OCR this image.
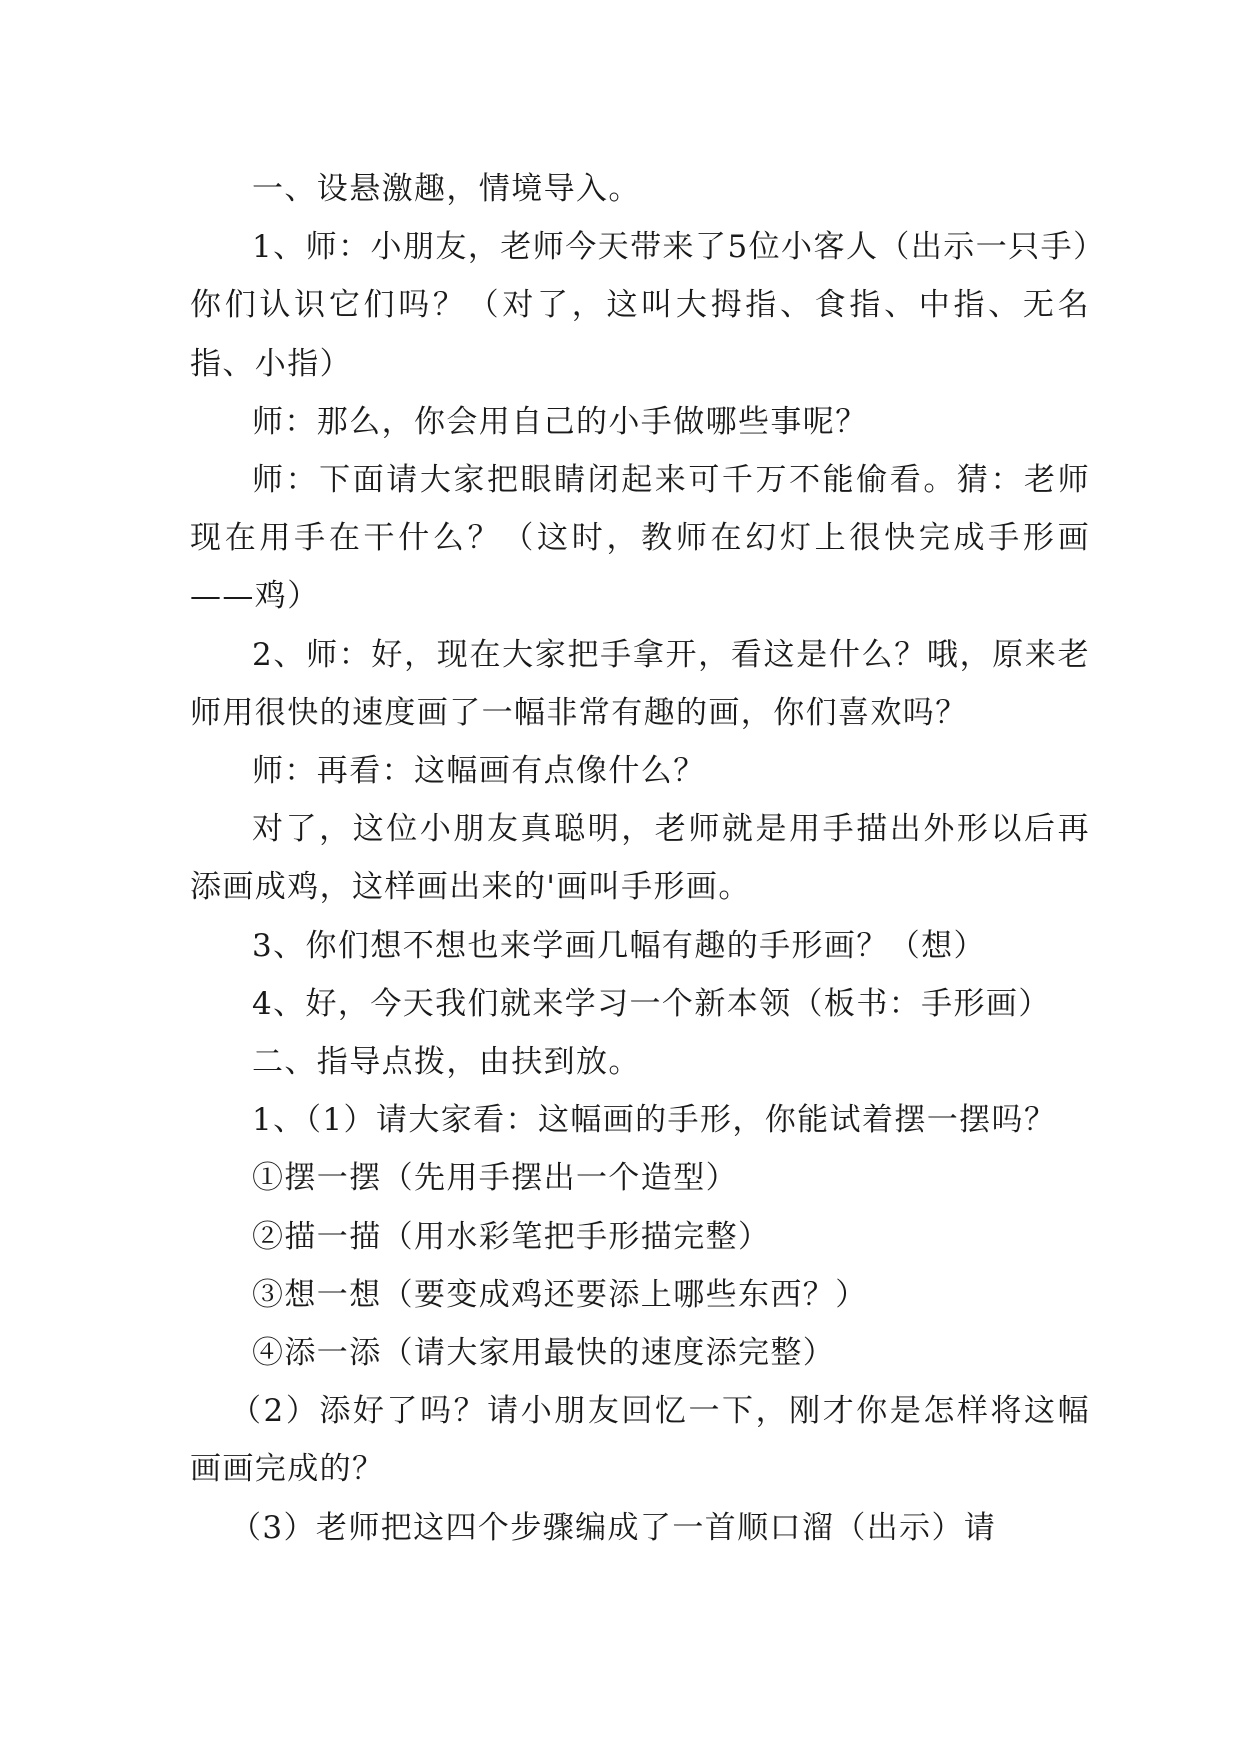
一、设悬激趣，情境导入。

1、师：小朋友，老师今天带来了5位小客人（出示一只手）你们认识它们吗？（对了，这叫大拇指、食指、中指、无名指、小指）

师：那么，你会用自己的小手做哪些事呢？

师：下面请大家把眼睛闭起来可千万不能偷看。猜：老师现在用手在干什么？（这时，教师在幻灯上很快完成手形画——鸡）

2、师：好，现在大家把手拿开，看这是什么？哦，原来老师用很快的速度画了一幅非常有趣的画，你们喜欢吗？

师：再看：这幅画有点像什么？

对了，这位小朋友真聪明，老师就是用手描出外形以后再添画成鸡，这样画出来的'画叫手形画。

3、你们想不想也来学画几幅有趣的手形画？（想）

4、好，今天我们就来学习一个新本领（板书：手形画）

二、指导点拨，由扶到放。

1、（1）请大家看：这幅画的手形，你能试着摆一摆吗？

①摆一摆（先用手摆出一个造型）

②描一描（用水彩笔把手形描完整）

③想一想（要变成鸡还要添上哪些东西？）

④添一添（请大家用最快的速度添完整）

（2）添好了吗？请小朋友回忆一下，刚才你是怎样将这幅画画完成的？

（3）老师把这四个步骤编成了一首顺口溜（出示）请
